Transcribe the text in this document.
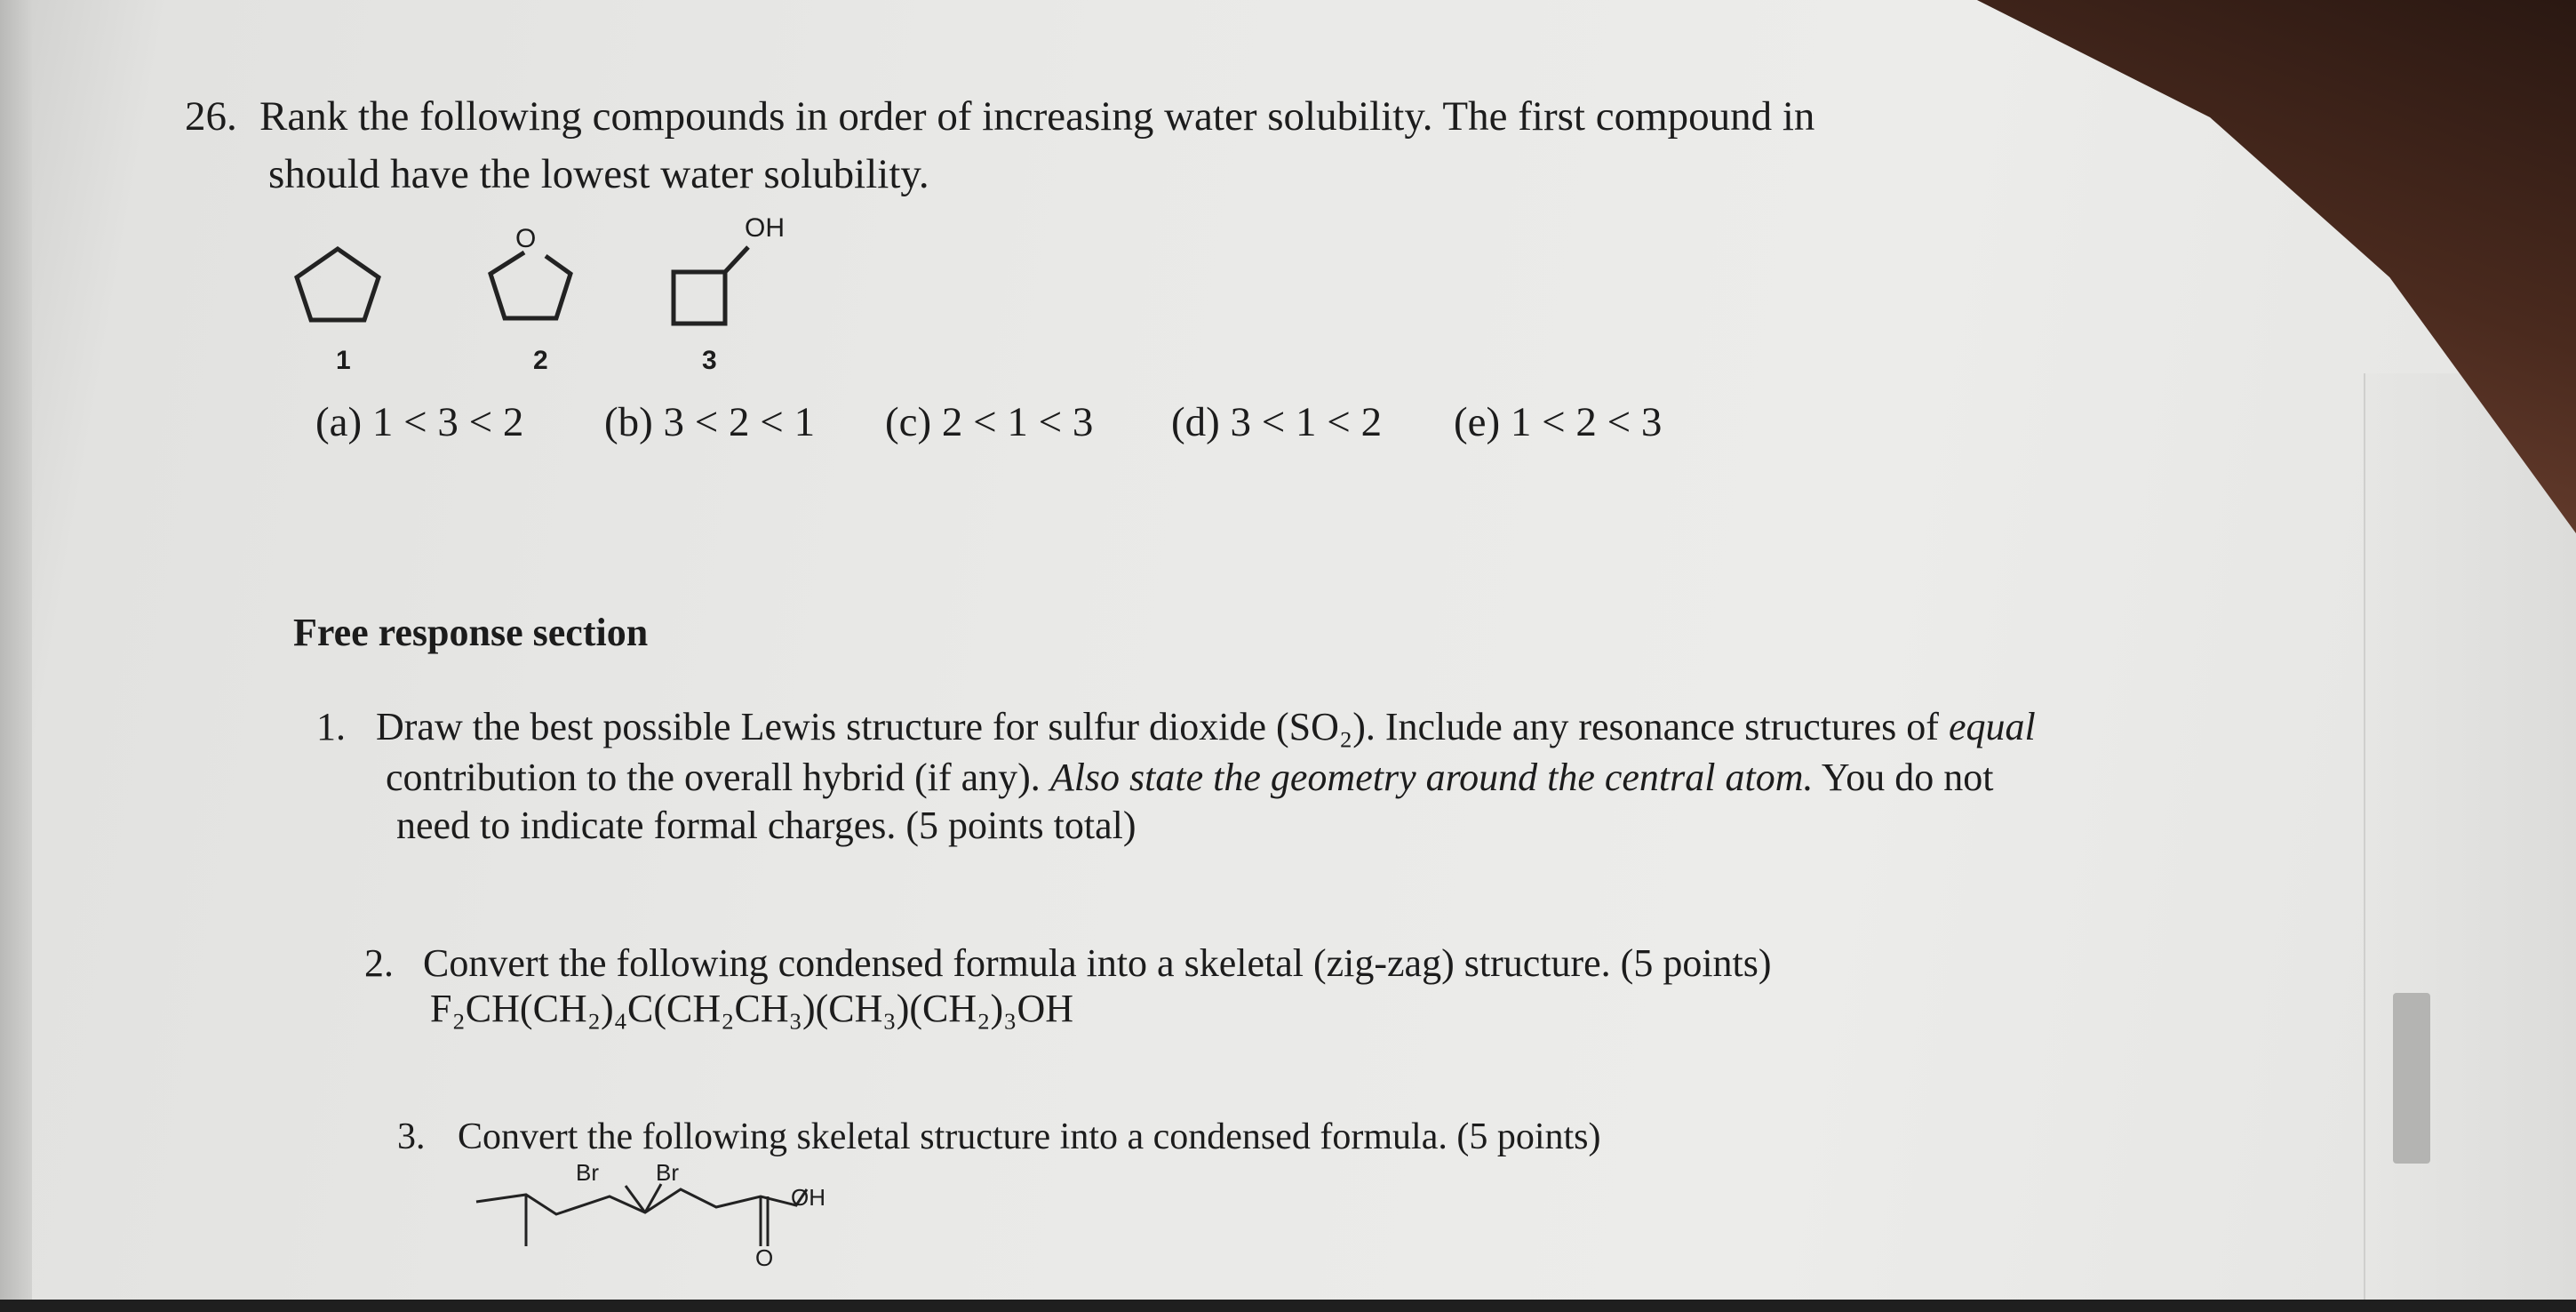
26. Rank the following compounds in order of increasing water solubility. The first compound in
should have the lowest water solubility.
O	OH
1	2	3
(a) 1 < 3 < 2 (b) 3 < 2 < 1 (c) 2 < 1 < 3 (d) 3 < 1 < 2 (e) 1 < 2 < 3
Free response section
1. Draw the best possible Lewis structure for sulfur dioxide (SO₂). Include any resonance structures of equal
contribution to the overall hybrid (if any). Also state the geometry around the central atom. You do not
need to indicate formal charges. (5 points total)
2. Convert the following condensed formula into a skeletal (zig-zag) structure. (5 points)
F₂CH(CH₂)₄C(CH₂CH₃)(CH₃)(CH₂)₃OH
3. Convert the following skeletal structure into a condensed formula. (5 points)
Br Br
OH
O
